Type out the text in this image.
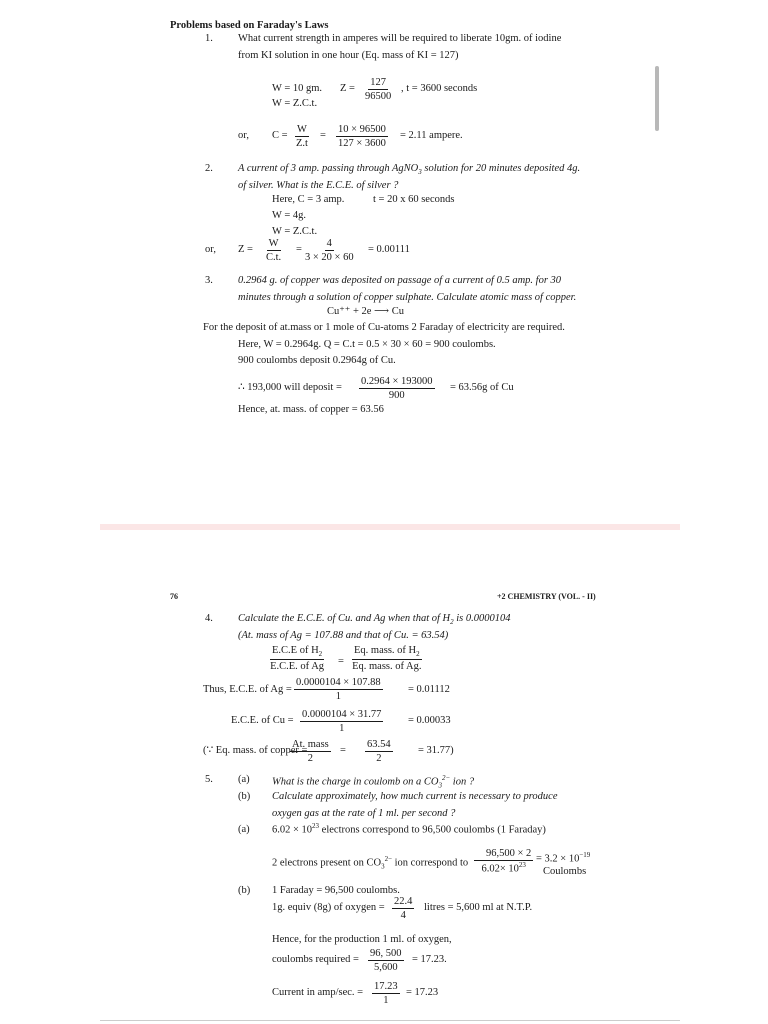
Problems based on Faraday's Laws
1. What current strength in amperes will be required to liberate 10gm. of iodine
from KI solution in one hour (Eq. mass of KI = 127)
W = 10 gm. $Z = \frac{127}{96500}$ , t = 3600 seconds
W = Z.C.t.
or, $C = \frac{W}{Z.t} = \frac{10 \times 96500}{127 \times 3600} = 2.11$ ampere.
2. A current of 3 amp. passing through AgNO$_3$ solution for 20 minutes deposited 4g.
of silver. What is the E.C.E. of silver ?
Here, C = 3 amp.	t = 20 x 60 seconds
W = 4g.
W = Z.C.t.
or, $Z = \frac{W}{C.t.} = \frac{4}{3 \times 20 \times 60} = 0.00111$
3. 0.2964 g. of copper was deposited on passage of a current of 0.5 amp. for 30
minutes through a solution of copper sulphate. Calculate atomic mass of copper.
Cu⁺⁺ + 2e ⟶ Cu
For the deposit of at.mass or 1 mole of Cu-atoms 2 Faraday of electricity are required.
Here, W = 0.2964g. Q = C.t = 0.5 × 30 × 60 = 900 coulombs.
900 coulombs deposit 0.2964g of Cu.
∴ 193,000 will deposit = $\frac{0.2964 \times 193000}{900} = 63.56g$ of Cu
Hence, at. mass. of copper = 63.56
76	+2 CHEMISTRY (VOL. - II)
4. Calculate the E.C.E. of Cu. and Ag when that of $H_2$ is 0.0000104
(At. mass of Ag = 107.88 and that of Cu. = 63.54)
$\frac{E.C.E of H_2}{\text{E.C.E. of Ag}}$ =
Eq. mass. of $H_2$
Eq. mass. of Ag.
Thus, E.C.E. of $Ag = \frac{0.0000104 \times 107.88}{1} = 0.01112$
E.C.E. of $Cu = \frac{0.0000104 \times 31.77}{1} = 0.00033$
(∵ Eq. mass. of copper =
At. mass
2
= $\frac{63.54}{2} = 31.77$)
5. (a) What is the charge in coulomb on a $CO_3^{2-}$ ion ?
(b) Calculate approximately, how much current is necessary to produce
oxygen gas at the rate of 1 ml. per second ?
(a) $6.02 \times 10^{23}$ electrons correspond to 96,500 coulombs (1 Faraday)
2 electrons present on $CO_3^{2-}$ ion correspond to $\frac{96,500 \times 2}{6.02\times 10^{23}} = 3.2 \times 10^{-19}$
Coulombs
(b) 1 Faraday = 96,500 coulombs.
1g. equiv (8g) of oxygen = $\frac{22.4}{4}$ litres = 5,600 ml at N.T.P.
Hence, for the production 1 ml. of oxygen,
coulombs required = $\frac{96, 500}{5,600} = 17.23$.
Current in amp/sec. = $\frac{17.23}{1} = 17.23$
